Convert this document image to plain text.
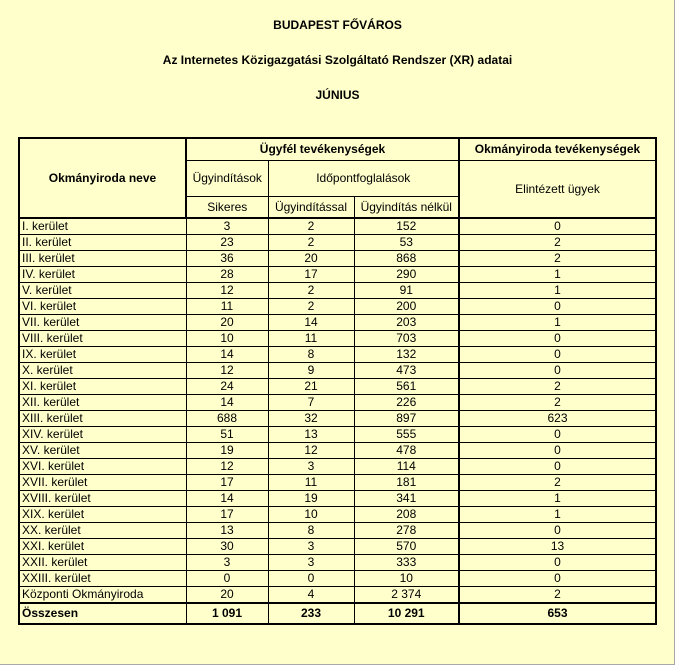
BUDAPEST FŐVÁROS
Az Internetes Közigazgatási Szolgáltató Rendszer (XR) adatai
JÚNIUS
Okmányiroda neve	Ügyfél tevékenységek			Okmányiroda tevékenységek
	Ügyindítások	Időpontfoglalások		Elintézett ügyek
	Sikeres	Ügyindítással	Ügyindítás nélkül	
I. kerület	3	2	152	0
II. kerület	23	2	53	2
III. kerület	36	20	868	2
IV. kerület	28	17	290	1
V. kerület	12	2	91	1
VI. kerület	11	2	200	0
VII. kerület	20	14	203	1
VIII. kerület	10	11	703	0
IX. kerület	14	8	132	0
X. kerület	12	9	473	0
XI. kerület	24	21	561	2
XII. kerület	14	7	226	2
XIII. kerület	688	32	897	623
XIV. kerület	51	13	555	0
XV. kerület	19	12	478	0
XVI. kerület	12	3	114	0
XVII. kerület	17	11	181	2
XVIII. kerület	14	19	341	1
XIX. kerület	17	10	208	1
XX. kerület	13	8	278	0
XXI. kerület	30	3	570	13
XXII. kerület	3	3	333	0
XXIII. kerület	0	0	10	0
Központi Okmányiroda	20	4	2 374	2
Összesen	1 091	233	10 291	653
